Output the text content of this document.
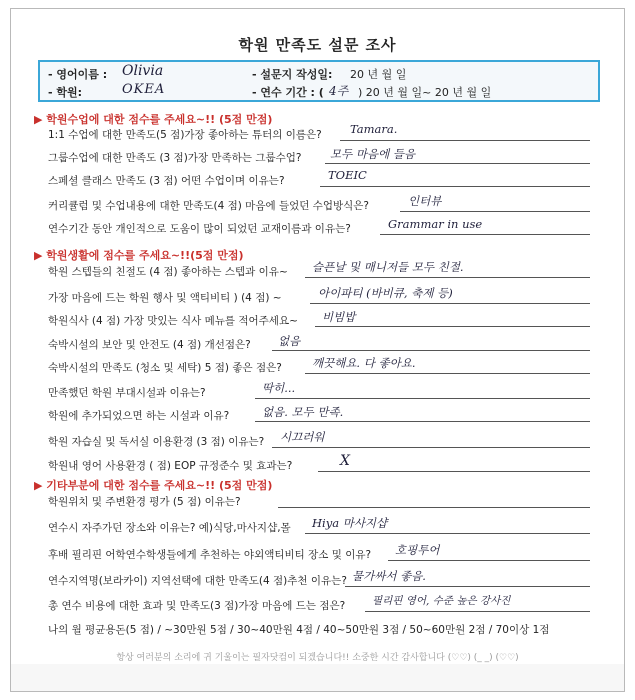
학원 만족도 설문 조사
- 영어이름 : Olivia	- 설문지 작성일: 20 년 월 일
- 학원:	OKEA	- 연수 기간 : ( 4주 ) 20 년 월 일~ 20 년 월 일
▶ 학원수업에 대한 점수를 주세요~!! (5점 만점)
▶ 학원생활에 점수를 주세요~!!(5점 만점)
▶ 기타부분에 대한 점수를 주세요~!! (5점 만점)
1:1 수업에 대한 만족도(5 점)가장 좋아하는 튜터의 이름은? Tamara.
그룹수업에 대한 만족도 (3 점)가장 만족하는 그룹수업? 모두 마음에 들음
스페셜 클래스 만족도 (3 점) 어떤 수업이며 이유는?	TOEIC
커리큘럼 및 수업내용에 대한 만족도(4 점) 마음에 들었던 수업방식은?	인터뷰
연수기간 동안 개인적으로 도움이 많이 되었던 교재이름과 이유는?	Grammar in use
학원 스텝들의 친절도 (4 점) 좋아하는 스텝과 이유~ 슬픈날 및 매니저들 모두 친절.
가장 마음에 드는 학원 행사 및 액티비티 ) (4 점) ~	아이파티 (바비큐, 축제 등)
학원식사 (4 점) 가장 맛있는 식사 메뉴를 적어주세요~ 비빔밥
숙박시설의 보안 및 안전도 (4 점) 개선점은? 없음
숙박시설의 만족도 (청소 및 세탁) 5 점) 좋은 점은?	깨끗해요. 다 좋아요.
만족했던 학원 부대시설과 이유는?	딱히...
학원에 추가되었으면 하는 시설과 이유?	없음. 모두 만족.
학원 자습실 및 독서실 이용환경 (3 점) 이유는? 시끄러워
학원내 영어 사용환경 ( 점) EOP 규정준수 및 효과는?	X
학원위치 및 주변환경 평가 (5 점) 이유는?
연수시 자주가던 장소와 이유는? 예)식당,마사지샵,몰 Hiya 마사지샵
후배 필리핀 어학연수학생들에게 추천하는 야외액티비티 장소 및 이유? 호핑투어
연수지역명(보라카이) 지역선택에 대한 만족도(4 점)추천 이유는? 물가싸서 좋음.
총 연수 비용에 대한 효과 및 만족도(3 점)가장 마음에 드는 점은?	필리핀 영어, 수준 높은 강사진
나의 월 평균용돈(5 점) / ~30만원 5점 / 30~40만원 4점 / 40~50만원 3점 / 50~60만원 2점 / 70이상 1점
항상 여러분의 소리에 귀 기울이는 필자닷컴이 되겠습니다!! 소중한 시간 감사합니다 (♡♡) (_ _) (♡♡)
